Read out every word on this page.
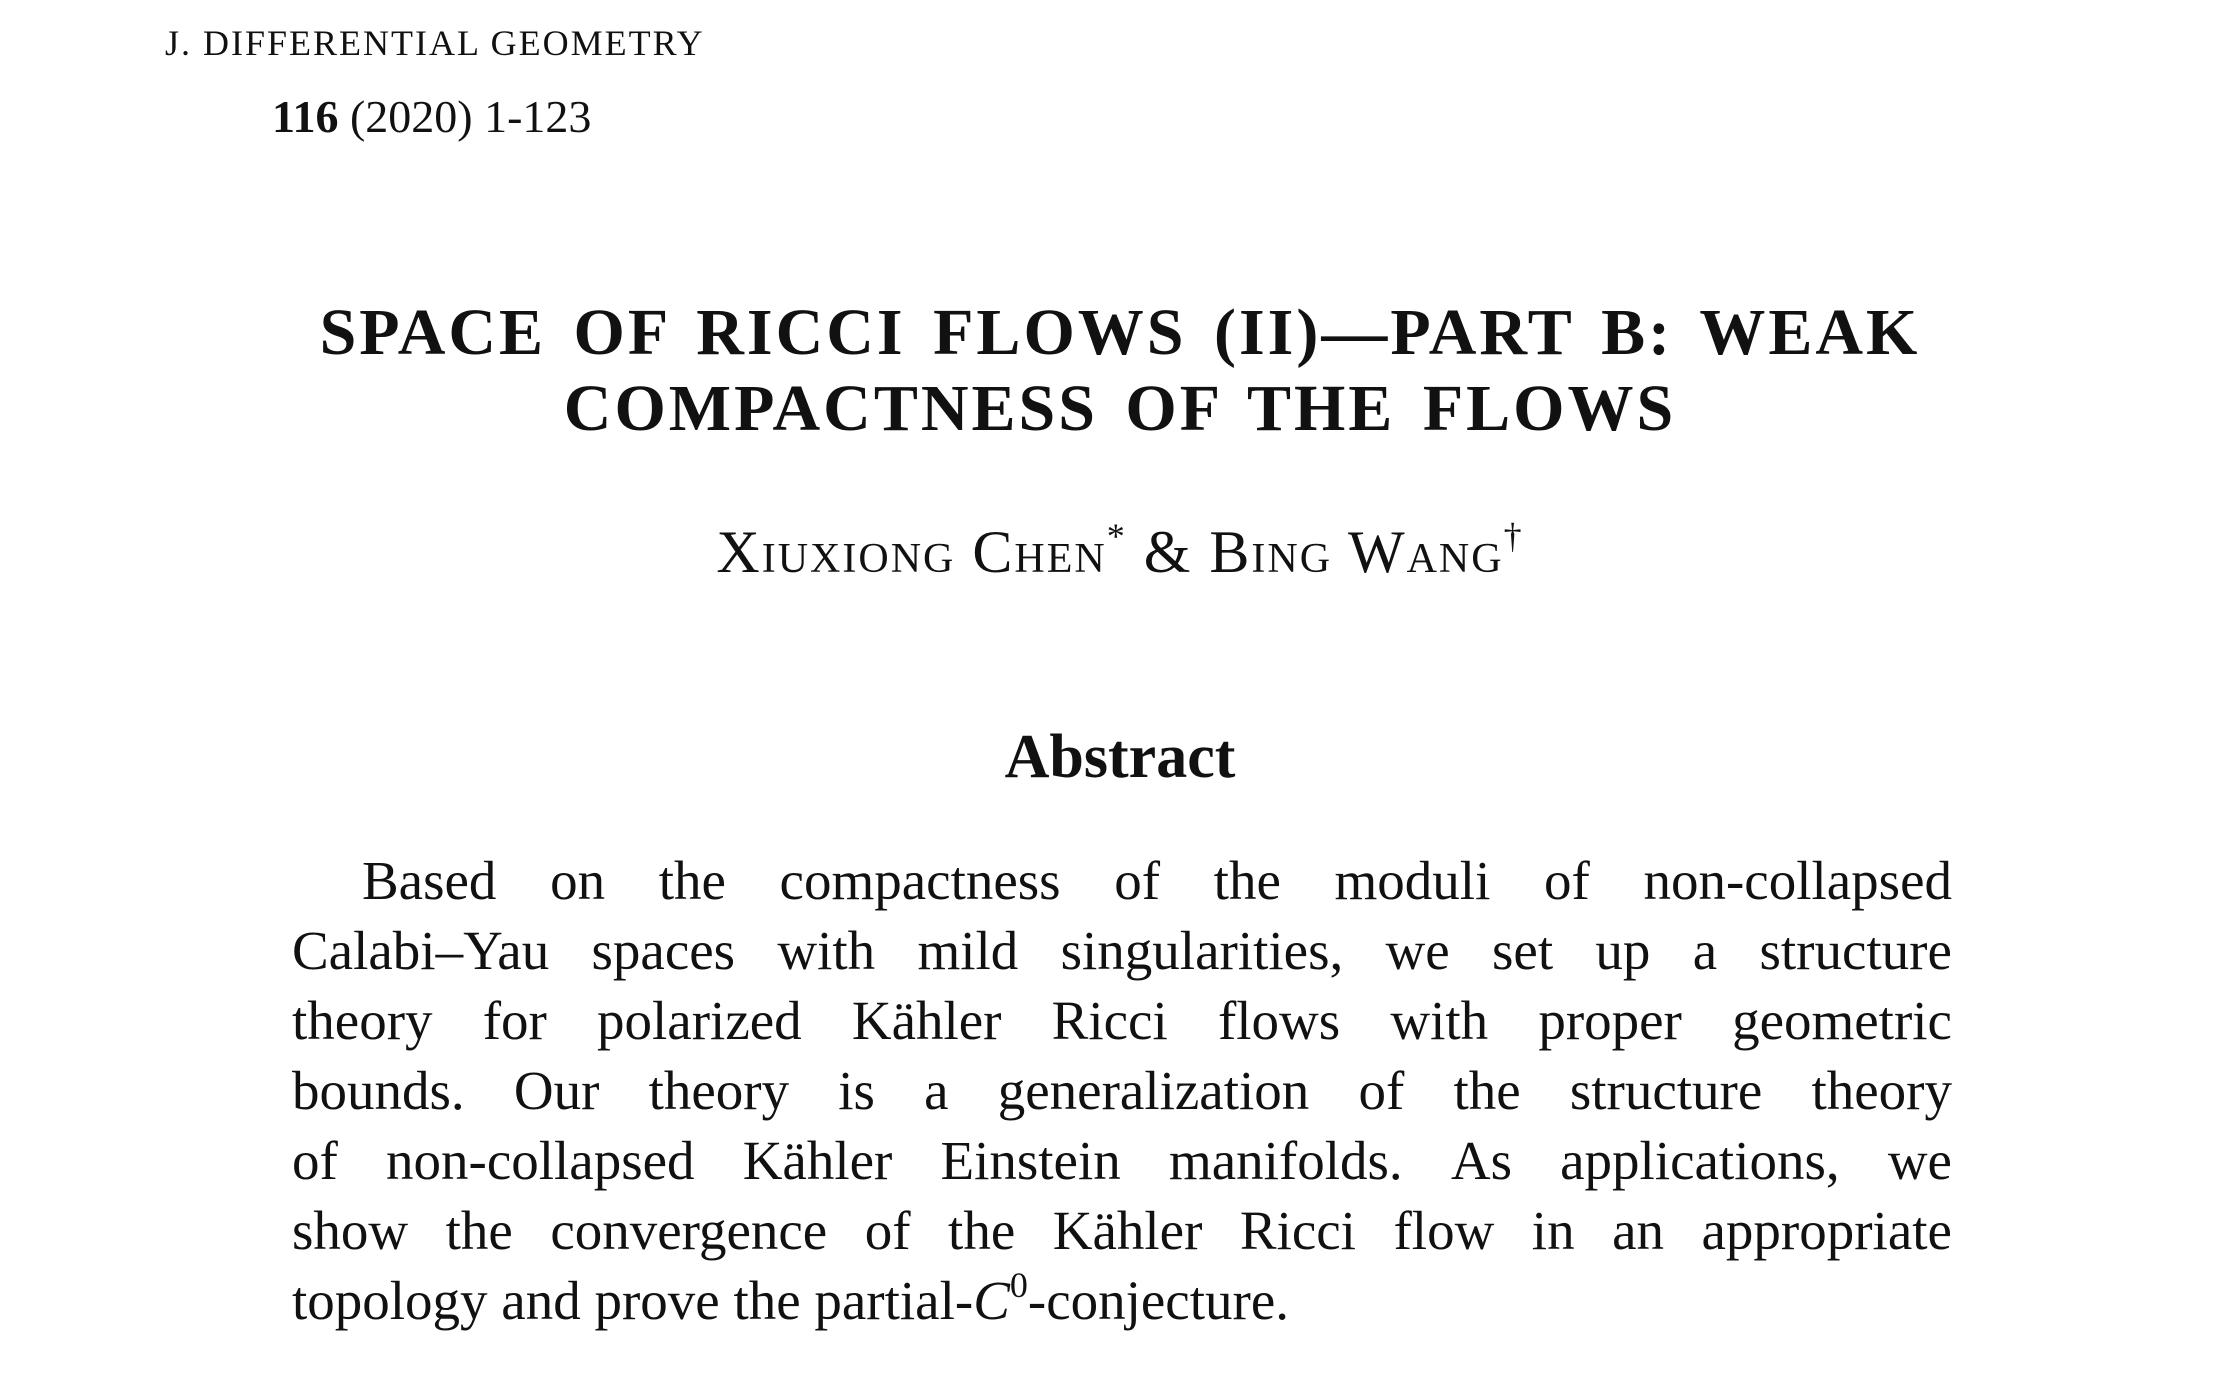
J. DIFFERENTIAL GEOMETRY
116 (2020) 1-123
SPACE OF RICCI FLOWS (II)—PART B: WEAK
COMPACTNESS OF THE FLOWS
Xiuxiong Chen* & Bing Wang†
Abstract
Based on the compactness of the moduli of non-collapsed
Calabi–Yau spaces with mild singularities, we set up a structure
theory for polarized Kähler Ricci flows with proper geometric
bounds. Our theory is a generalization of the structure theory
of non-collapsed Kähler Einstein manifolds. As applications, we
show the convergence of the Kähler Ricci flow in an appropriate
topology and prove the partial-$C^0$-conjecture.
